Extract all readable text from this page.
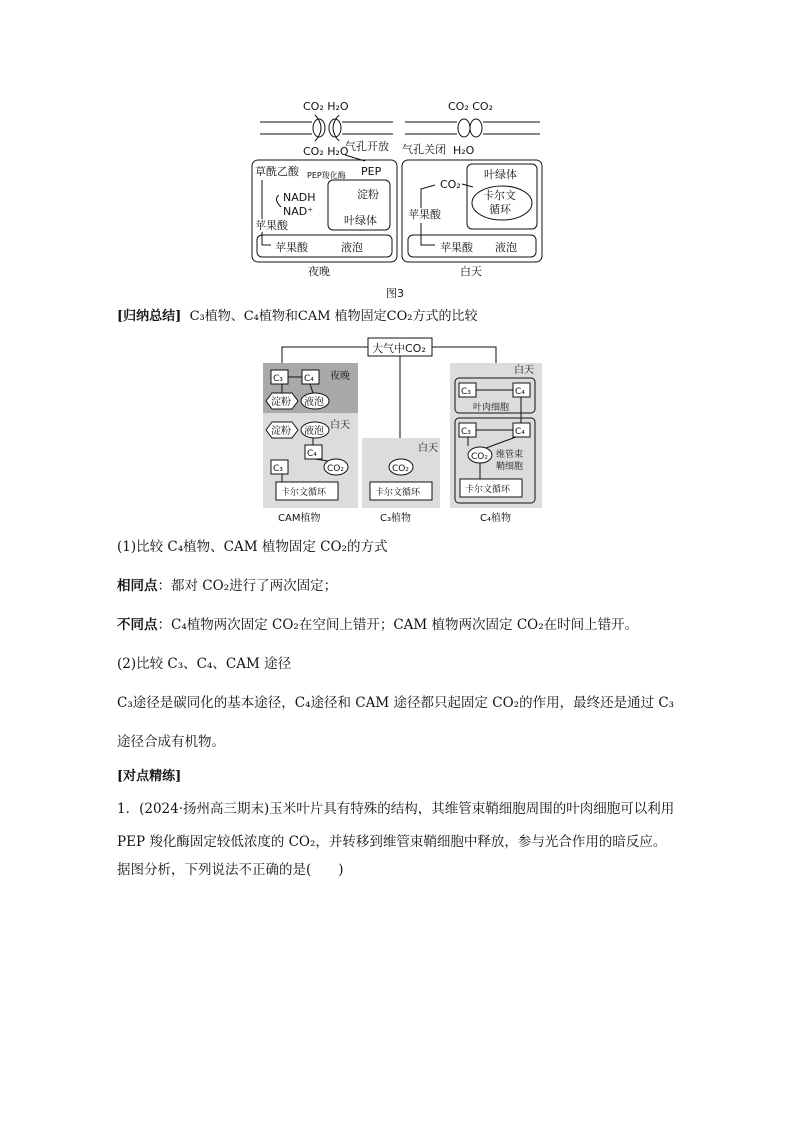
CO₂ H₂O	CO₂ CO₂
CO₂ H₂O
气孔开放 气孔关闭 H₂O
草酰乙酸 PEP羧化酶 PEP
淀粉
叶绿体
NADH
NAD⁺
苹果酸
苹果酸	液泡
夜晚
叶绿体
卡尔文
循环
CO₂
苹果酸
苹果酸 液泡
白天
图3
[归纳总结] C₃植物、C₄植物和CAM 植物固定CO₂方式的比较
大气中CO₂
夜晚
白天
C₃ C₄
淀粉 液泡
淀粉 液泡
C₄
C₃	CO₂
卡尔文循环
CAM植物
白天
CO₂
卡尔文循环
C₃植物
白天
C₃	C₄
叶肉细胞
C₃	C₄
CO₂ 维管束
鞘细胞
卡尔文循环
C₄植物
(1)比较 C₄植物、CAM 植物固定 CO₂的方式
相同点：都对 CO₂进行了两次固定；
不同点：C₄植物两次固定 CO₂在空间上错开；CAM 植物两次固定 CO₂在时间上错开。
(2)比较 C₃、C₄、CAM 途径
C₃途径是碳同化的基本途径，C₄途径和 CAM 途径都只起固定 CO₂的作用，最终还是通过 C₃
途径合成有机物。
[对点精练]
1．(2024·扬州高三期末)玉米叶片具有特殊的结构，其维管束鞘细胞周围的叶肉细胞可以利用
PEP 羧化酶固定较低浓度的 CO₂，并转移到维管束鞘细胞中释放，参与光合作用的暗反应。
据图分析，下列说法不正确的是(　　)
